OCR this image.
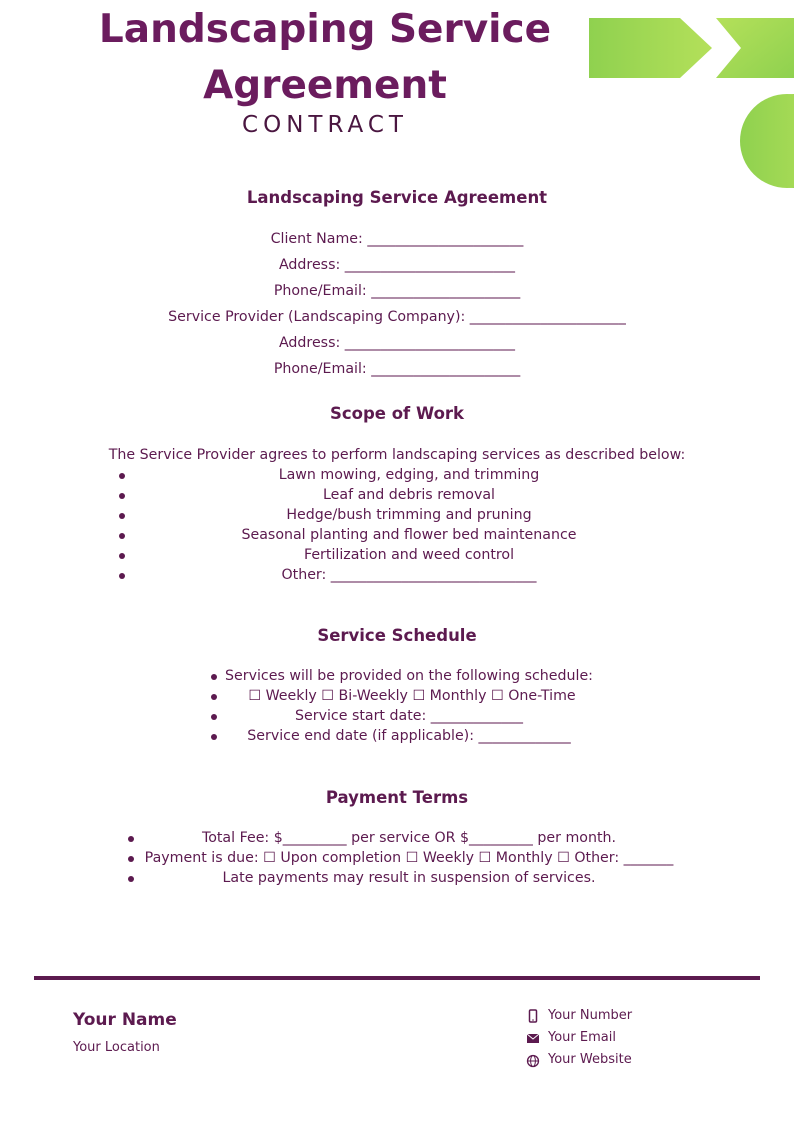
Landscaping Service
Agreement
CONTRACT
Landscaping Service Agreement
Client Name: ______________________
Address: ________________________
Phone/Email: _____________________
Service Provider (Landscaping Company): ______________________
Address: ________________________
Phone/Email: _____________________
Scope of Work
The Service Provider agrees to perform landscaping services as described below:
Lawn mowing, edging, and trimming
Leaf and debris removal
Hedge/bush trimming and pruning
Seasonal planting and flower bed maintenance
Fertilization and weed control
Other: _____________________________
Service Schedule
Services will be provided on the following schedule:
☐ Weekly ☐ Bi-Weekly ☐ Monthly ☐ One-Time
Service start date: _____________
Service end date (if applicable): _____________
Payment Terms
Total Fee: $_________ per service OR $_________ per month.
Payment is due: ☐ Upon completion ☐ Weekly ☐ Monthly ☐ Other: _______
Late payments may result in suspension of services.
Your Name
Your Location
Your Number
Your Email
Your Website
